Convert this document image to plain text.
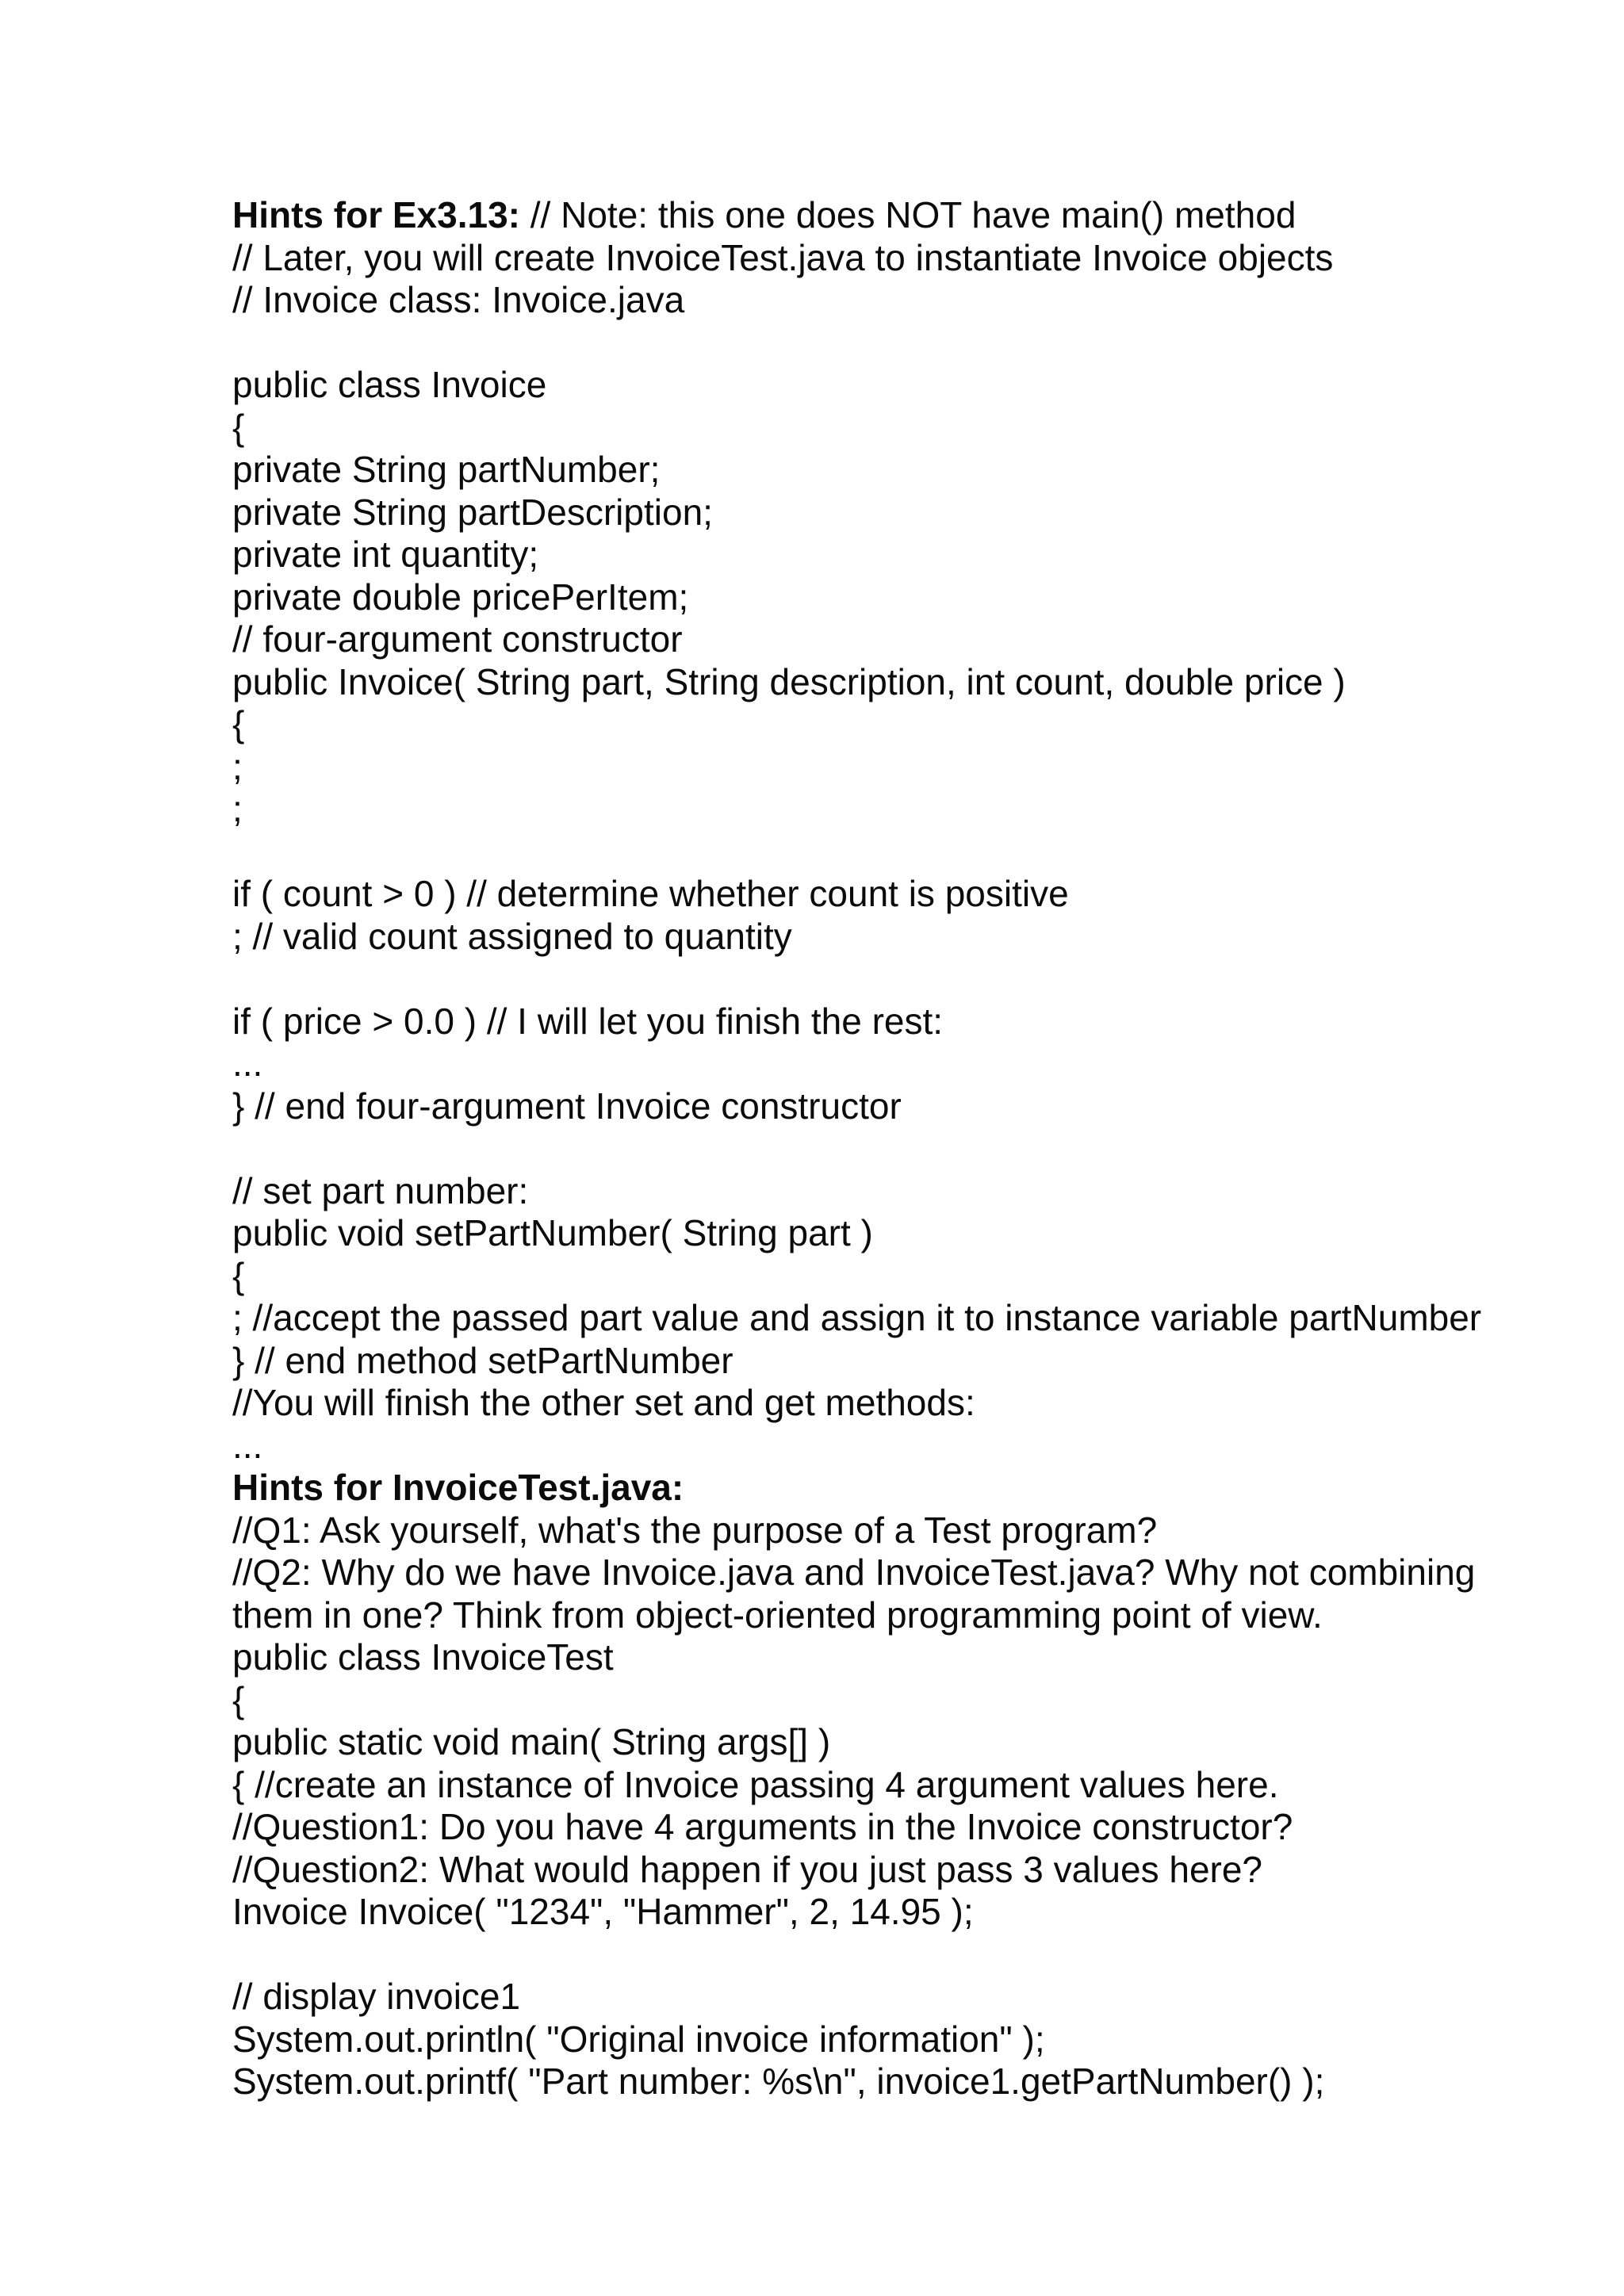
Hints for Ex3.13: // Note: this one does NOT have main() method
// Later, you will create InvoiceTest.java to instantiate Invoice objects
// Invoice class: Invoice.java
public class Invoice
{
private String partNumber;
private String partDescription;
private int quantity;
private double pricePerItem;
// four-argument constructor
public Invoice( String part, String description, int count, double price )
{
;
;
if ( count > 0 ) // determine whether count is positive
; // valid count assigned to quantity
if ( price > 0.0 ) // I will let you finish the rest:
...
} // end four-argument Invoice constructor
// set part number:
public void setPartNumber( String part )
{
; //accept the passed part value and assign it to instance variable partNumber
} // end method setPartNumber
//You will finish the other set and get methods:
...
Hints for InvoiceTest.java:
//Q1: Ask yourself, what's the purpose of a Test program?
//Q2: Why do we have Invoice.java and InvoiceTest.java? Why not combining
them in one? Think from object-oriented programming point of view.
public class InvoiceTest
{
public static void main( String args[] )
{ //create an instance of Invoice passing 4 argument values here.
//Question1: Do you have 4 arguments in the Invoice constructor?
//Question2: What would happen if you just pass 3 values here?
Invoice Invoice( "1234", "Hammer", 2, 14.95 );
// display invoice1
System.out.println( "Original invoice information" );
System.out.printf( "Part number: %s\n", invoice1.getPartNumber() );
